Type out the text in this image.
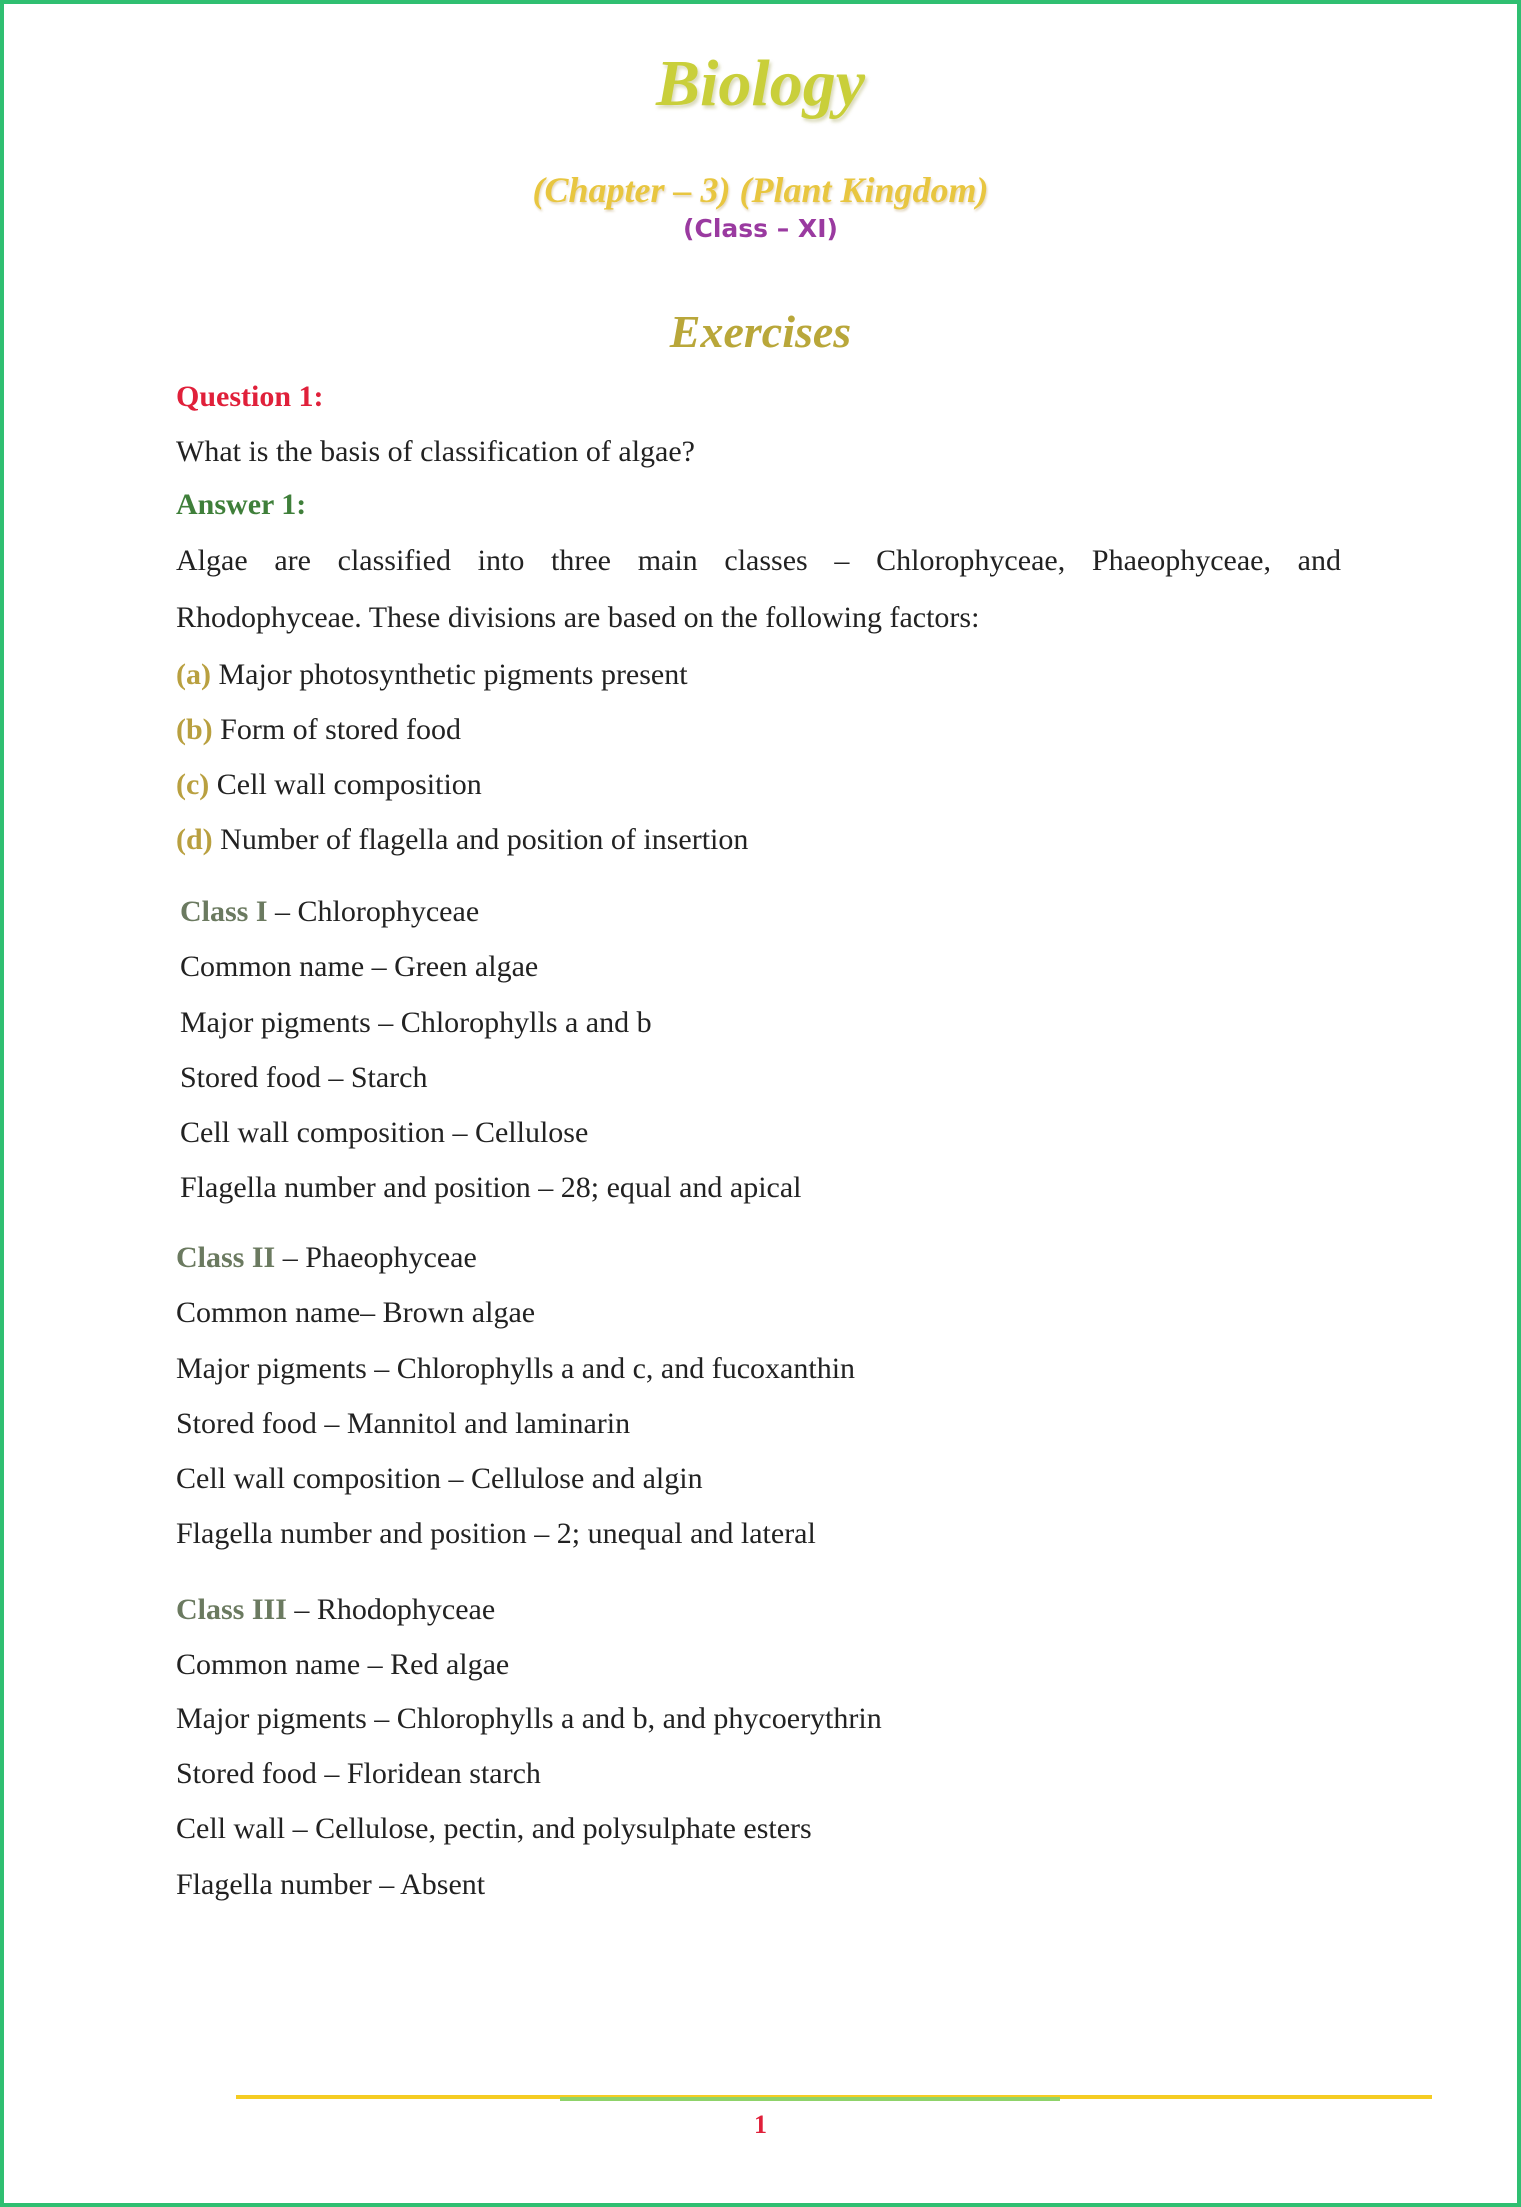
Biology
(Chapter – 3) (Plant Kingdom)
(Class – XI)
Exercises
Question 1:
What is the basis of classification of algae?
Answer 1:
Algae are classified into three main classes – Chlorophyceae, Phaeophyceae, and
Rhodophyceae. These divisions are based on the following factors:
(a) Major photosynthetic pigments present
(b) Form of stored food
(c) Cell wall composition
(d) Number of flagella and position of insertion
Class I – Chlorophyceae
Common name – Green algae
Major pigments – Chlorophylls a and b
Stored food – Starch
Cell wall composition – Cellulose
Flagella number and position – 28; equal and apical
Class II – Phaeophyceae
Common name– Brown algae
Major pigments – Chlorophylls a and c, and fucoxanthin
Stored food – Mannitol and laminarin
Cell wall composition – Cellulose and algin
Flagella number and position – 2; unequal and lateral
Class III – Rhodophyceae
Common name – Red algae
Major pigments – Chlorophylls a and b, and phycoerythrin
Stored food – Floridean starch
Cell wall – Cellulose, pectin, and polysulphate esters
Flagella number – Absent
1
